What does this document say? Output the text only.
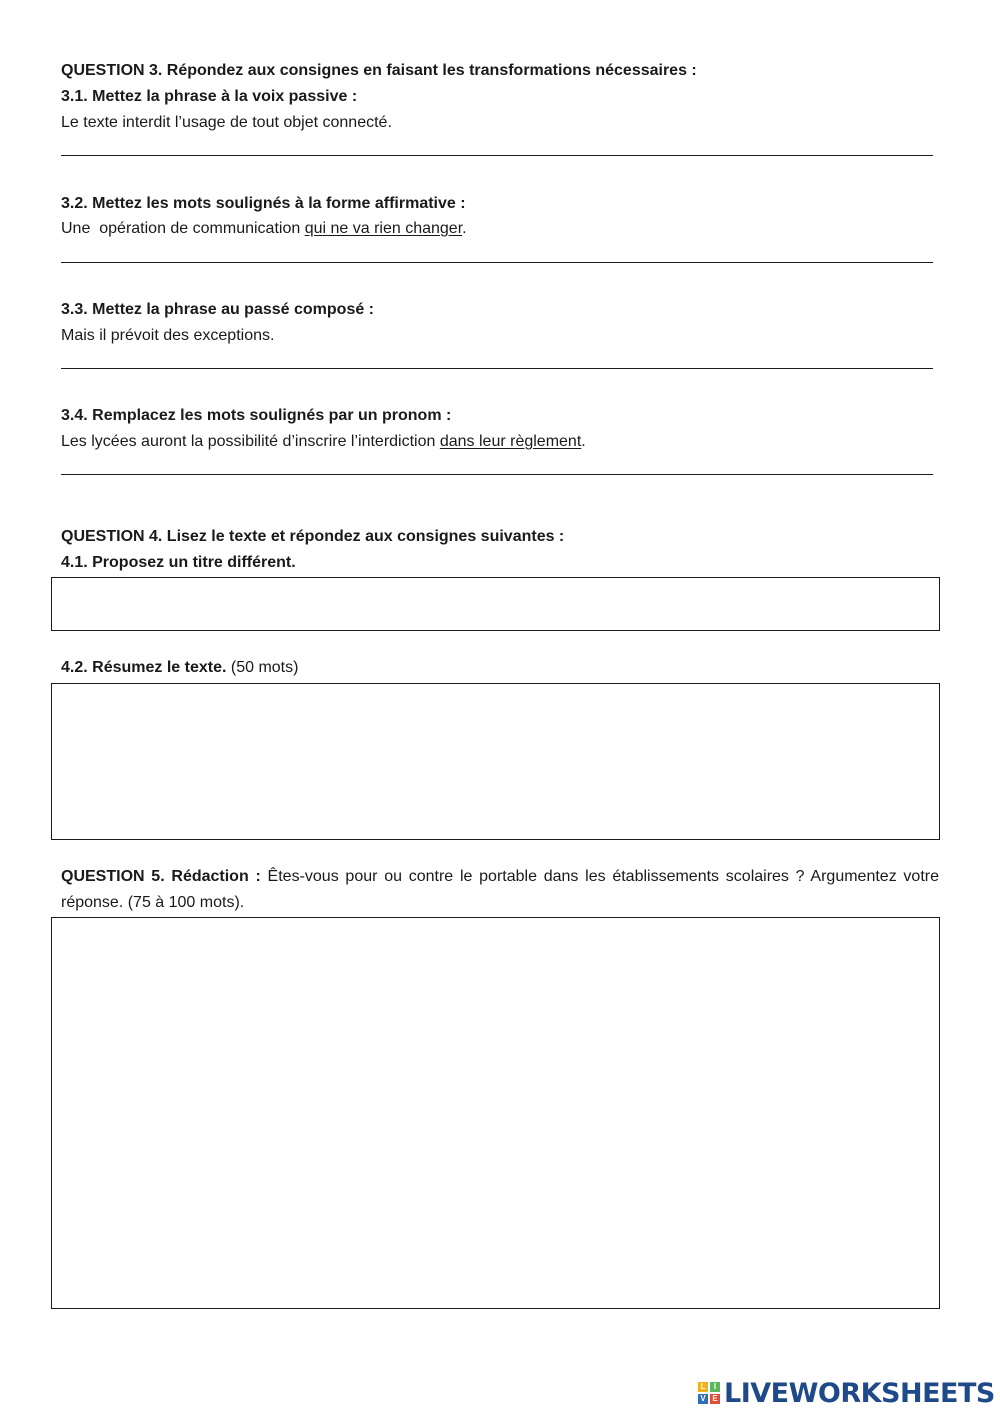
QUESTION 3. Répondez aux consignes en faisant les transformations nécessaires :
3.1. Mettez la phrase à la voix passive :
Le texte interdit l’usage de tout objet connecté.
3.2. Mettez les mots soulignés à la forme affirmative :
Une  opération de communication qui ne va rien changer.
3.3. Mettez la phrase au passé composé :
Mais il prévoit des exceptions.
3.4. Remplacez les mots soulignés par un pronom :
Les lycées auront la possibilité d’inscrire l’interdiction dans leur règlement.
QUESTION 4. Lisez le texte et répondez aux consignes suivantes :
4.1. Proposez un titre différent.
4.2. Résumez le texte. (50 mots)
QUESTION 5. Rédaction : Êtes-vous pour ou contre le portable dans les établissements scolaires ? Argumentez votre réponse. (75 à 100 mots).
L	I
V E LIVEWORKSHEETS
